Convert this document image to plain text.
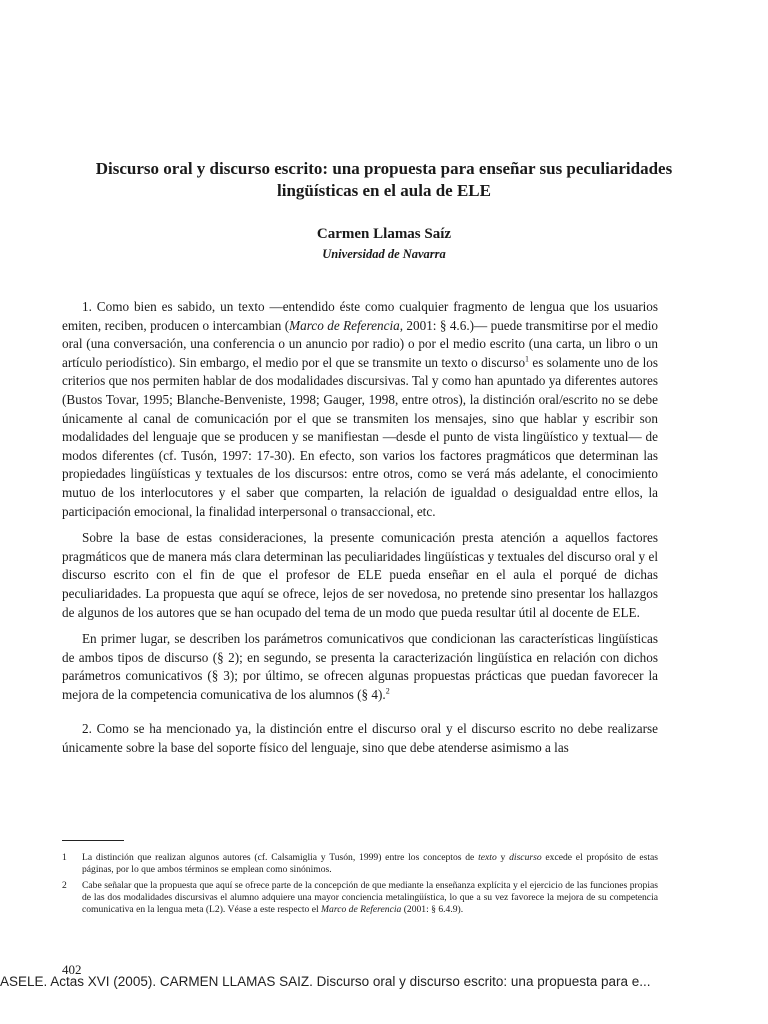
Discurso oral y discurso escrito: una propuesta para enseñar sus peculiaridades lingüísticas en el aula de ELE
Carmen Llamas Saíz
Universidad de Navarra

1. Como bien es sabido, un texto —entendido éste como cualquier fragmento de lengua que los usuarios emiten, reciben, producen o intercambian (Marco de Referencia, 2001: § 4.6.)— puede transmitirse por el medio oral (una conversación, una conferencia o un anuncio por radio) o por el medio escrito (una carta, un libro o un artículo periodístico). Sin embargo, el medio por el que se transmite un texto o discurso$^1$ es solamente uno de los criterios que nos permiten hablar de dos modalidades discursivas. Tal y como han apuntado ya diferentes autores (Bustos Tovar, 1995; Blanche-Benveniste, 1998; Gauger, 1998, entre otros), la distinción oral/escrito no se debe únicamente al canal de comunicación por el que se transmiten los mensajes, sino que hablar y escribir son modalidades del lenguaje que se producen y se manifiestan —desde el punto de vista lingüístico y textual— de modos diferentes (cf. Tusón, 1997: 17-30). En efecto, son varios los factores pragmáticos que determinan las propiedades lingüísticas y textuales de los discursos: entre otros, como se verá más adelante, el conocimiento mutuo de los interlocutores y el saber que comparten, la relación de igualdad o desigualdad entre ellos, la participación emocional, la finalidad interpersonal o transaccional, etc.

Sobre la base de estas consideraciones, la presente comunicación presta atención a aquellos factores pragmáticos que de manera más clara determinan las peculiaridades lingüísticas y textuales del discurso oral y el discurso escrito con el fin de que el profesor de ELE pueda enseñar en el aula el porqué de dichas peculiaridades. La propuesta que aquí se ofrece, lejos de ser novedosa, no pretende sino presentar los hallazgos de algunos de los autores que se han ocupado del tema de un modo que pueda resultar útil al docente de ELE.

En primer lugar, se describen los parámetros comunicativos que condicionan las características lingüísticas de ambos tipos de discurso (§ 2); en segundo, se presenta la caracterización lingüística en relación con dichos parámetros comunicativos (§ 3); por último, se ofrecen algunas propuestas prácticas que puedan favorecer la mejora de la competencia comunicativa de los alumnos (§ 4).$^2$

2. Como se ha mencionado ya, la distinción entre el discurso oral y el discurso escrito no debe realizarse únicamente sobre la base del soporte físico del lenguaje, sino que debe atenderse asimismo a las

1 La distinción que realizan algunos autores (cf. Calsamiglia y Tusón, 1999) entre los conceptos de texto y discurso excede el propósito de estas páginas, por lo que ambos términos se emplean como sinónimos.
2 Cabe señalar que la propuesta que aquí se ofrece parte de la concepción de que mediante la enseñanza explícita y el ejercicio de las funciones propias de las dos modalidades discursivas el alumno adquiere una mayor conciencia metalingüística, lo que a su vez favorece la mejora de su competencia comunicativa en la lengua meta (L2). Véase a este respecto el Marco de Referencia (2001: § 6.4.9).
402
ASELE. Actas XVI (2005). CARMEN LLAMAS SAIZ. Discurso oral y discurso escrito: una propuesta para e...
